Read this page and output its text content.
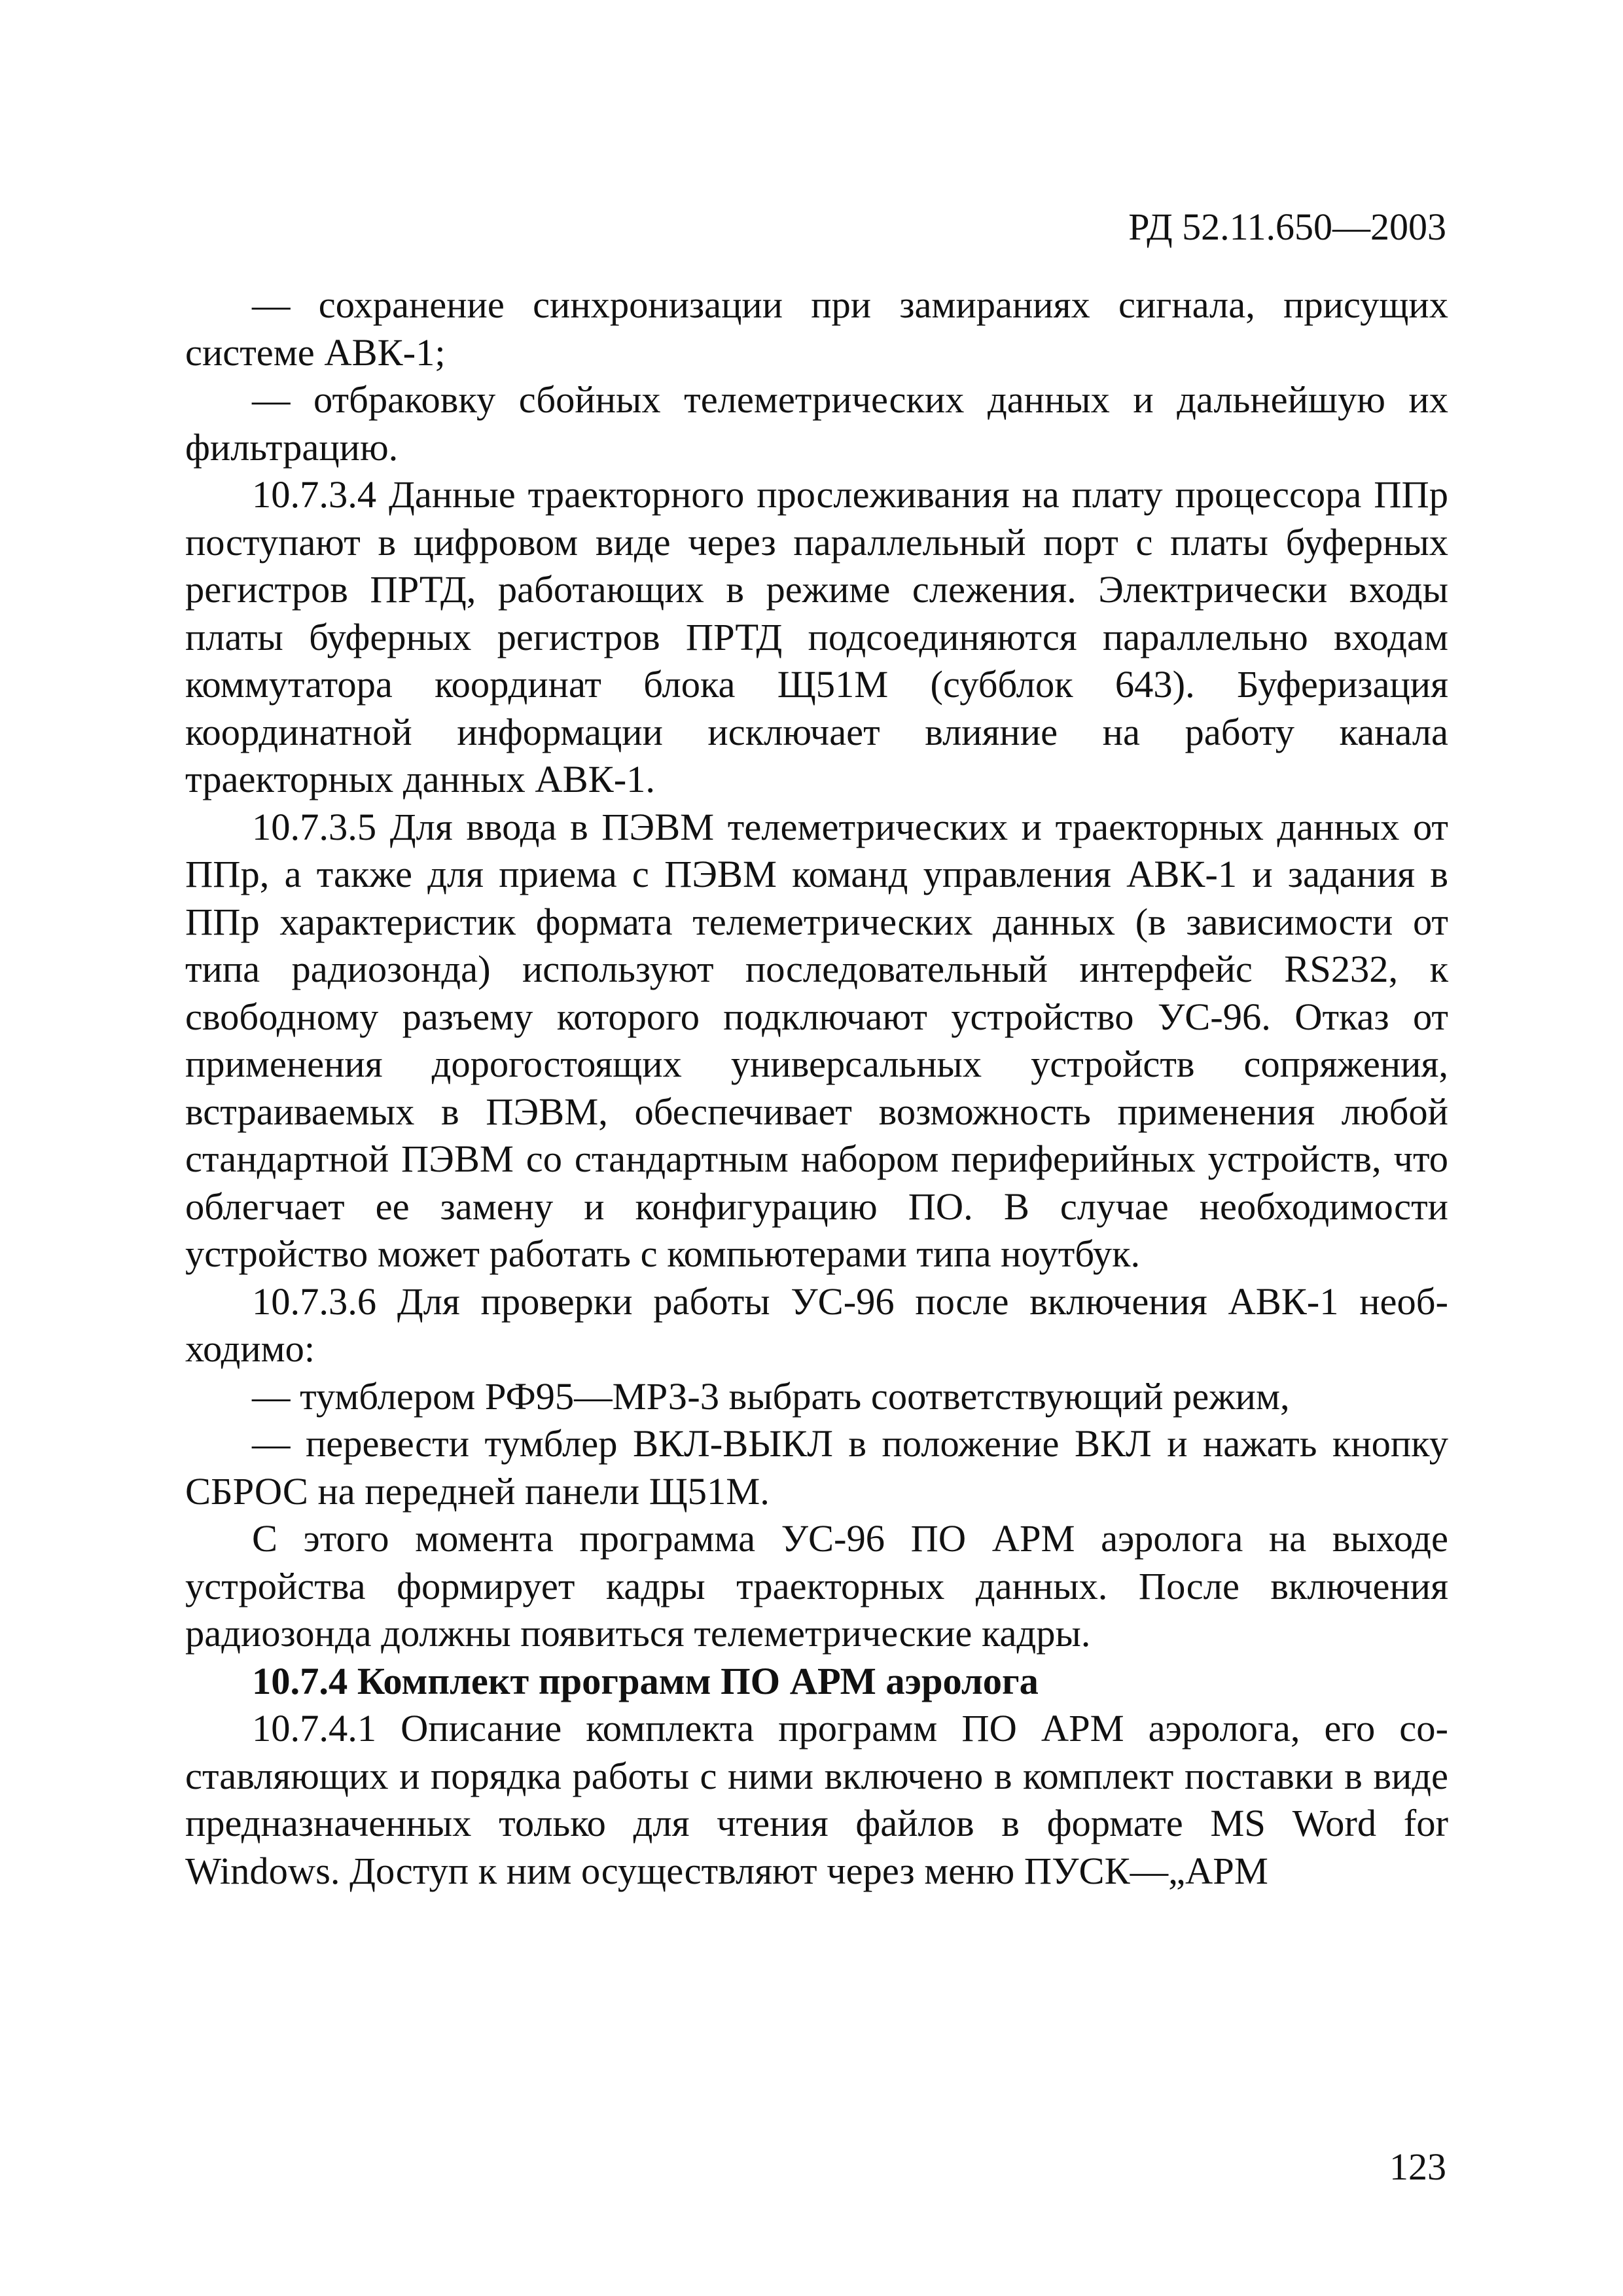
РД 52.11.650—2003

— сохранение синхронизации при замираниях сигнала, присущих системе АВК-1;

— отбраковку сбойных телеметрических данных и дальнейшую их фильтрацию.

10.7.3.4 Данные траекторного прослеживания на плату процессора ППр поступают в цифровом виде через параллельный порт с платы буферных регистров ПРТД, работающих в режиме слежения. Электрически входы платы буферных регистров ПРТД подсоединяются параллельно входам коммутатора координат блока Щ51М (субблок 643). Буферизация координатной информации исключает влияние на работу канала траекторных данных АВК-1.

10.7.3.5 Для ввода в ПЭВМ телеметрических и траекторных данных от ППр, а также для приема с ПЭВМ команд управления АВК-1 и задания в ППр характеристик формата телеметрических данных (в зависимости от типа радиозонда) используют последовательный интерфейс RS232, к свободному разъему которого подключают устройство УС-96. Отказ от применения дорогостоящих универсальных устройств сопряжения, встраиваемых в ПЭВМ, обеспечивает возможность применения любой стандартной ПЭВМ со стандартным набором периферийных устройств, что облегчает ее замену и конфигурацию ПО. В случае необходимости устройство может работать с компьютерами типа ноутбук.

10.7.3.6 Для проверки работы УС-96 после включения АВК-1 необходимо:

— тумблером РФ95—МРЗ-3 выбрать соответствующий режим,

— перевести тумблер ВКЛ-ВЫКЛ в положение ВКЛ и нажать кнопку СБРОС на передней панели Щ51М.

С этого момента программа УС-96 ПО АРМ аэролога на выходе устройства формирует кадры траекторных данных. После включения радиозонда должны появиться телеметрические кадры.

10.7.4 Комплект программ ПО АРМ аэролога

10.7.4.1 Описание комплекта программ ПО АРМ аэролога, его составляющих и порядка работы с ними включено в комплект поставки в виде предназначенных только для чтения файлов в формате MS Word for Windows. Доступ к ним осуществляют через меню ПУСК—„АРМ

123
